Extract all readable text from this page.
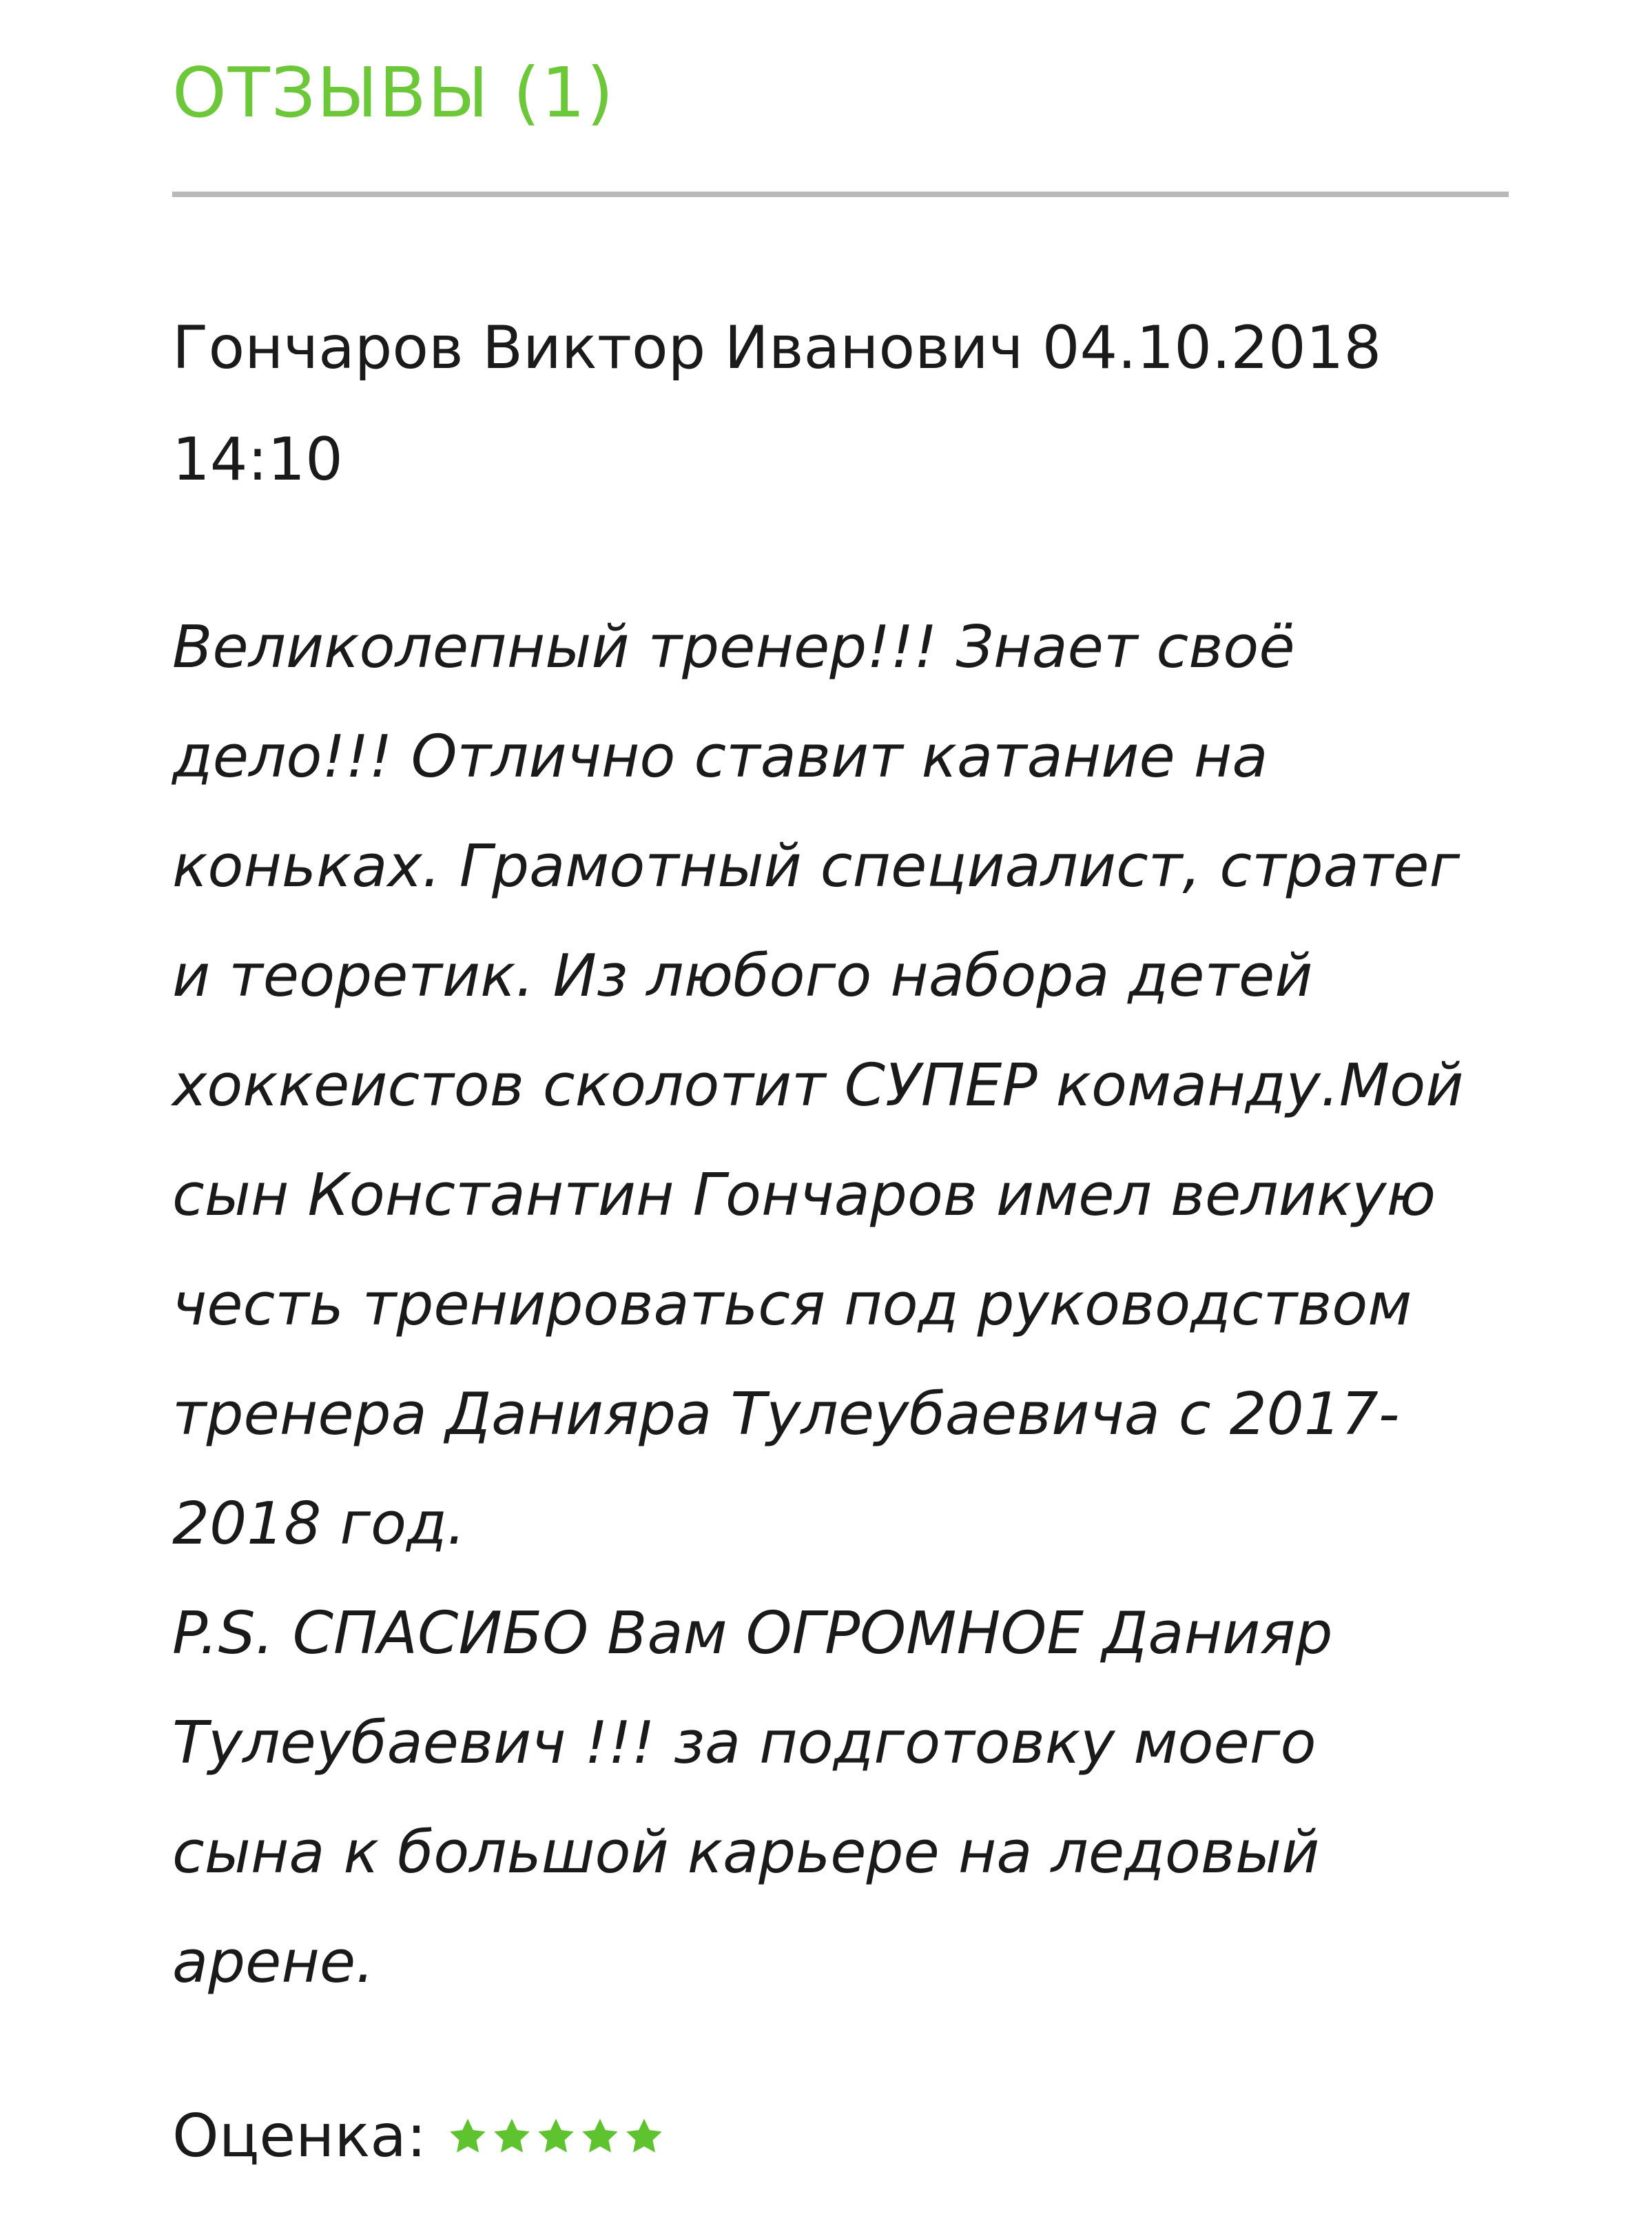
ОТЗЫВЫ (1)
Гончаров Виктор Иванович 04.10.2018 14:10
Великолепный тренер!!! Знает своё дело!!! Отлично ставит катание на коньках. Грамотный специалист, стратег и теоретик. Из любого набора детей хоккеистов сколотит СУПЕР команду.Мой сын Константин Гончаров имел великую честь тренироваться под руководством тренера Данияра Тулеубаевича с 2017-2018 год.
P.S. СПАСИБО Вам ОГРОМНОЕ Данияр Тулеубаевич !!! за подготовку моего сына к большой карьере на ледовый арене.
Оценка:
